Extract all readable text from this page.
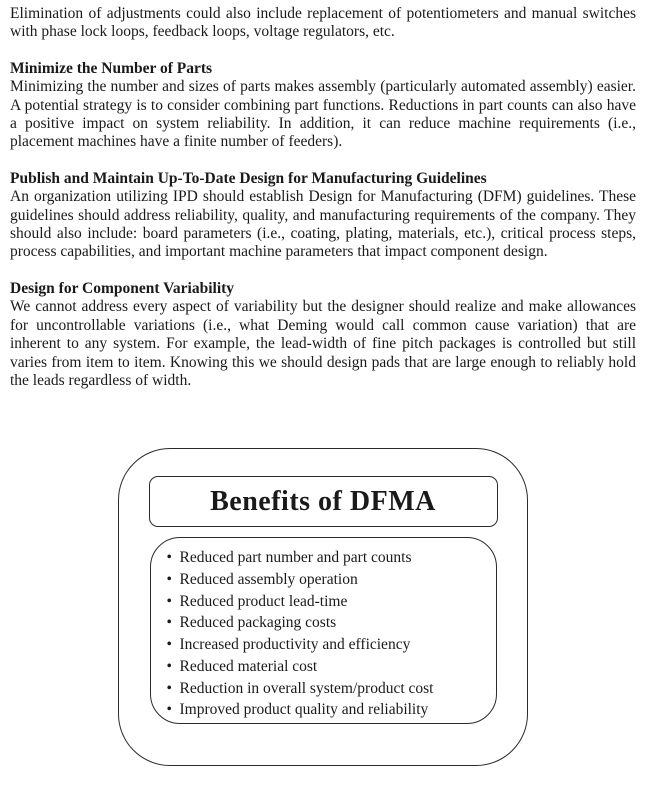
Elimination of adjustments could also include replacement of potentiometers and manual switches with phase lock loops, feedback loops, voltage regulators, etc.

Minimize the Number of Parts

Minimizing the number and sizes of parts makes assembly (particularly automated assembly) easier. A potential strategy is to consider combining part functions. Reductions in part counts can also have a positive impact on system reliability. In addition, it can reduce machine requirements (i.e., placement machines have a finite number of feeders).

Publish and Maintain Up-To-Date Design for Manufacturing Guidelines

An organization utilizing IPD should establish Design for Manufacturing (DFM) guidelines. These guidelines should address reliability, quality, and manufacturing requirements of the company. They should also include: board parameters (i.e., coating, plating, materials, etc.), critical process steps, process capabilities, and important machine parameters that impact component design.

Design for Component Variability

We cannot address every aspect of variability but the designer should realize and make allowances for uncontrollable variations (i.e., what Deming would call common cause variation) that are inherent to any system. For example, the lead-width of fine pitch packages is controlled but still varies from item to item. Knowing this we should design pads that are large enough to reliably hold the leads regardless of width.

Benefits of DFMA
• Reduced part number and part counts
• Reduced assembly operation
• Reduced product lead-time
• Reduced packaging costs
• Increased productivity and efficiency
• Reduced material cost
• Reduction in overall system/product cost
• Improved product quality and reliability
